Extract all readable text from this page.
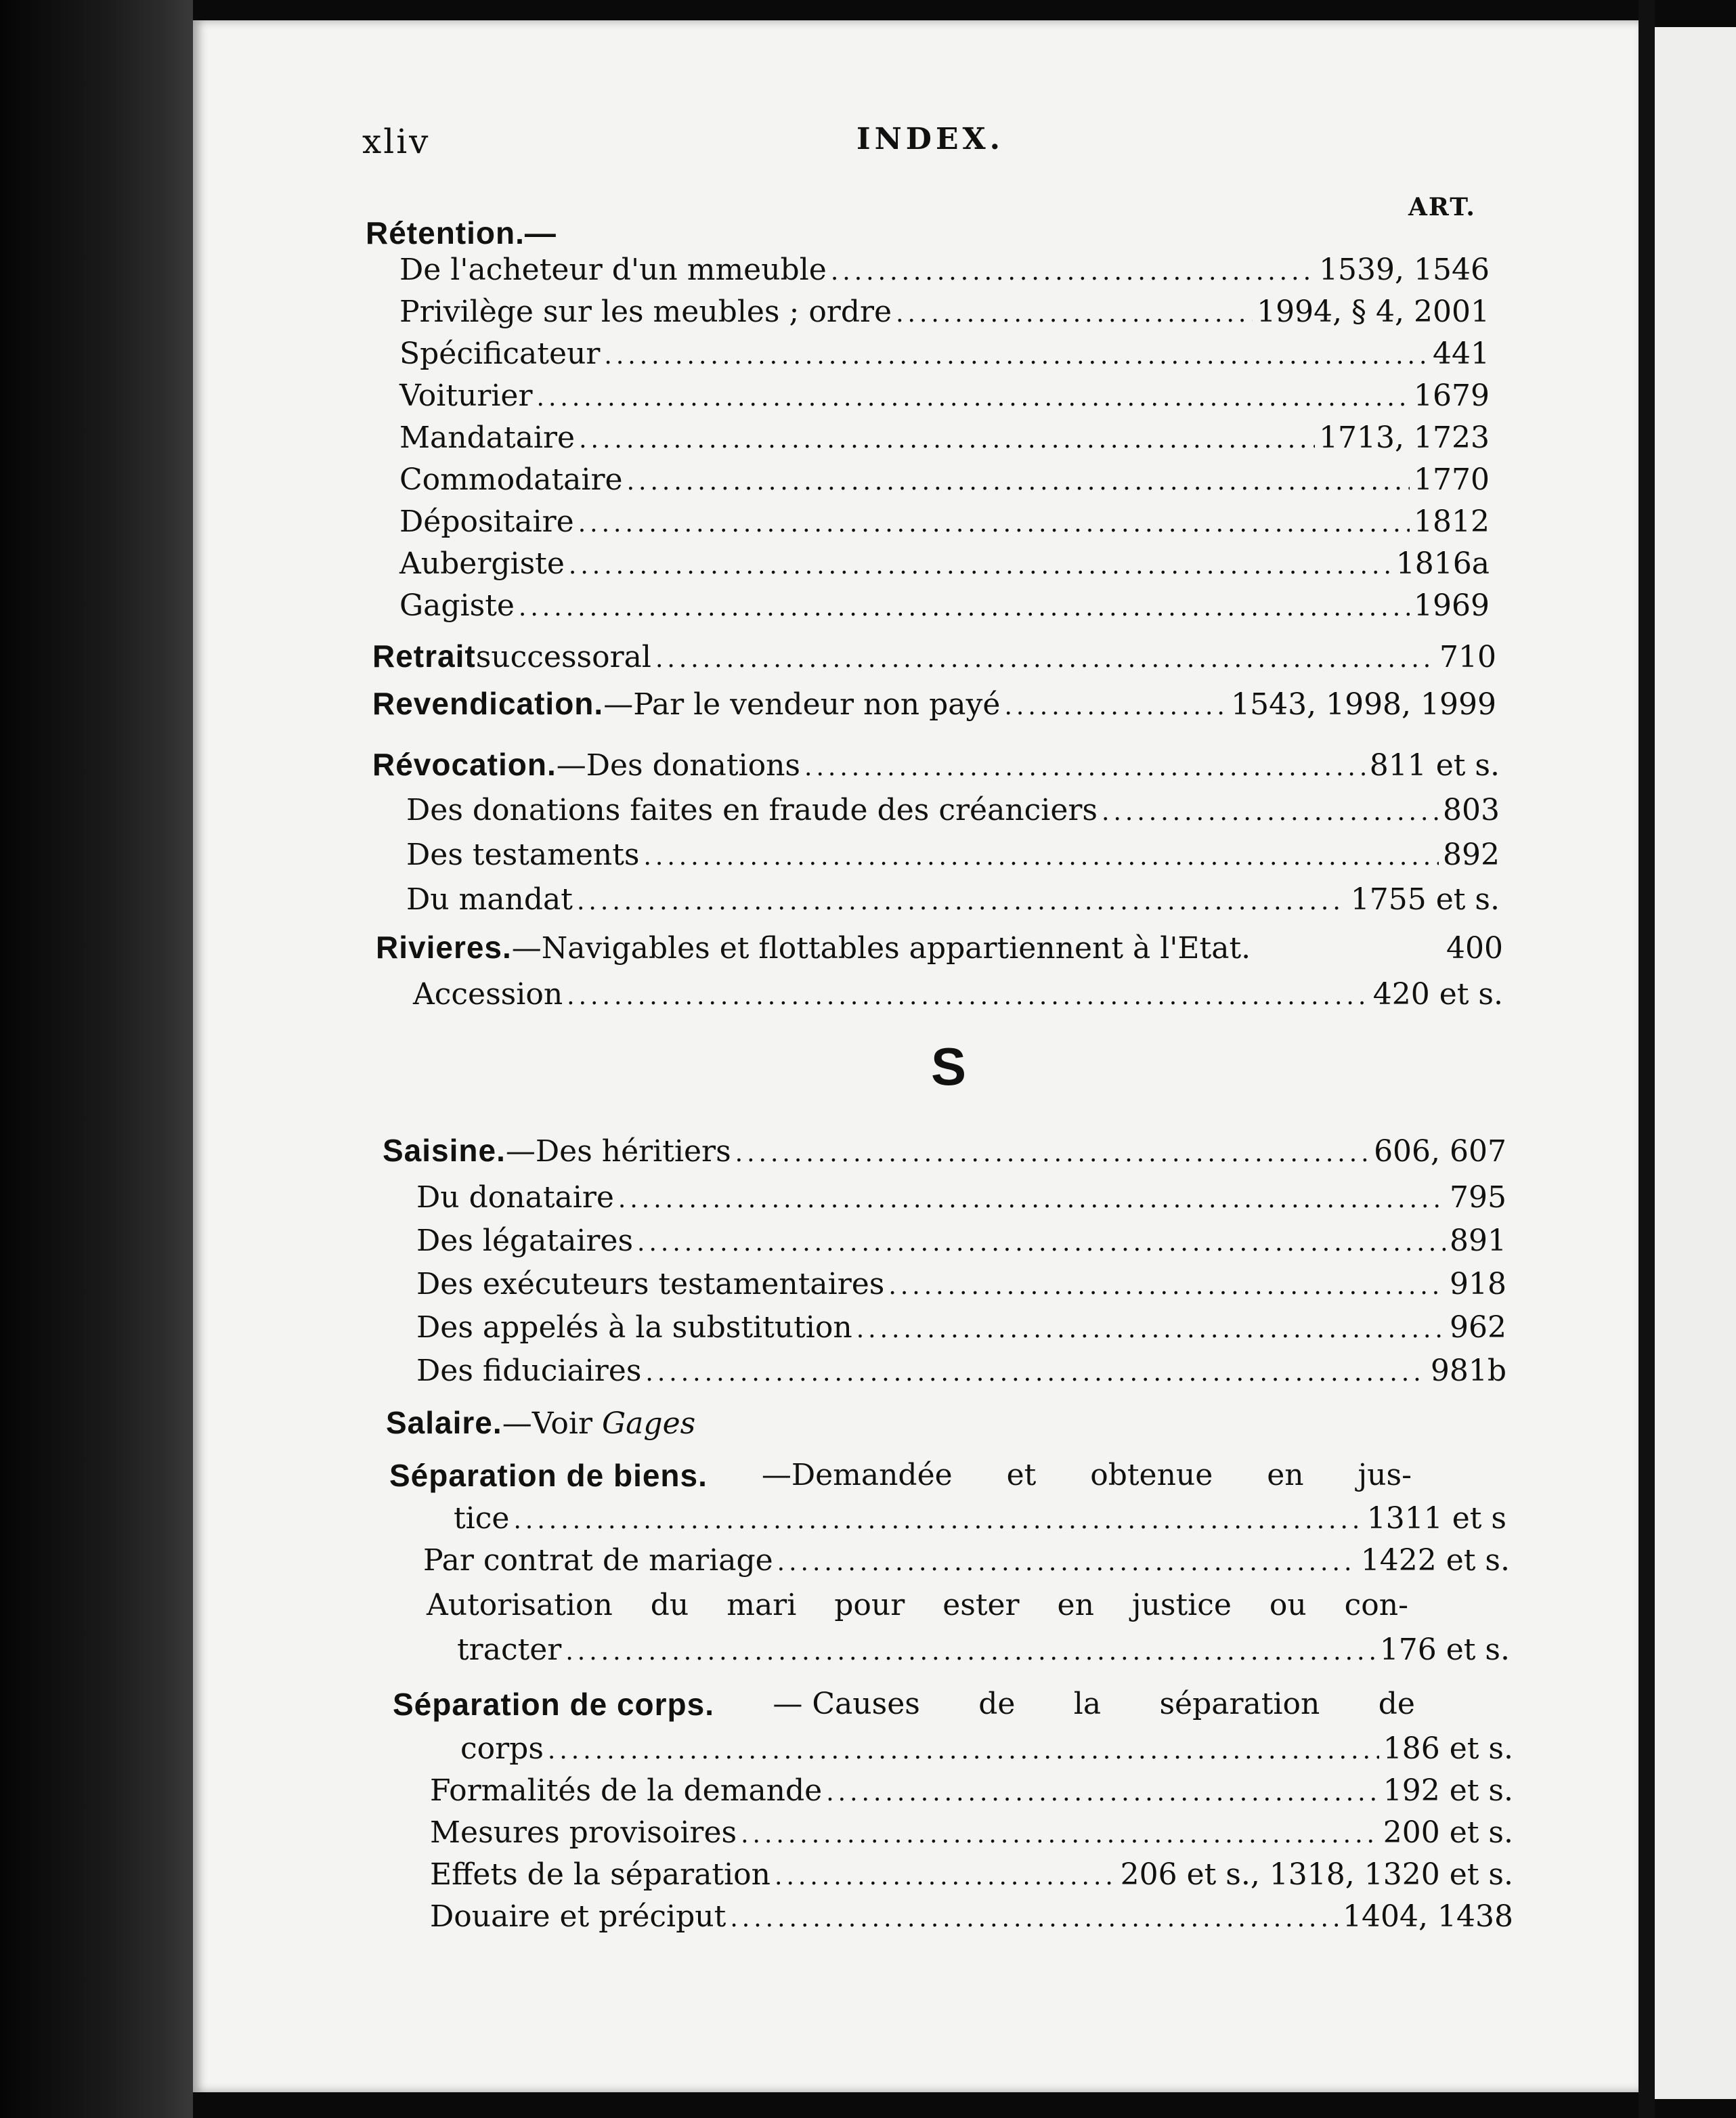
xliv	INDEX.
ART.
Rétention.—
De l'acheteur d'un mmeuble .....	1539, 1546
Privilège sur les meubles ; ordre .....	1994, § 4, 2001
Spécificateur .....	441
Voiturier .....	1679
Mandataire .....	1713, 1723
Commodataire .....	1770
Dépositaire .....	1812
Aubergiste .....	1816a
Gagiste .....	1969
Retrait successoral .....	710
Revendication. —Par le vendeur non payé .....	1543, 1998, 1999
Révocation. —Des donations .....	811 et s.
Des donations faites en fraude des créanciers .....	803
Des testaments .....	892
Du mandat .....	1755 et s.
Rivieres. —Navigables et flottables appartiennent à l'Etat.	400
Accession .....	420 et s.
S
Saisine. —Des héritiers .....	606, 607
Du donataire .....	795
Des légataires .....	891
Des exécuteurs testamentaires .....	918
Des appelés à la substitution .....	962
Des fiduciaires .....	981b
Salaire.—Voir Gages
Séparation de biens. —Demandée et obtenue en jus-
tice .....	1311 et s
Par contrat de mariage .....	1422 et s.
Autorisation du mari pour ester en justice ou con-
tracter .....	176 et s.
Séparation de corps. — Causes de la séparation de
corps .....	186 et s.
Formalités de la demande .....	192 et s.
Mesures provisoires .....	200 et s.
Effets de la séparation .....	206 et s., 1318, 1320 et s.
Douaire et préciput .....	1404, 1438
